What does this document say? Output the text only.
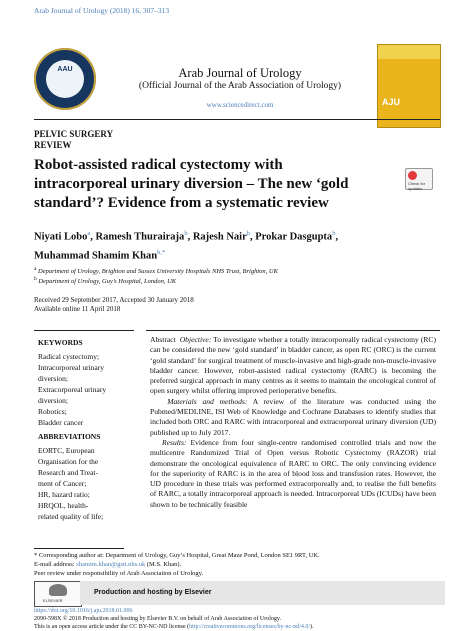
Arab Journal of Urology (2018) 16, 307–313
AAU	Arab Journal of Urology
(Official Journal of the Arab Association of Urology)
www.sciencedirect.com	AJU
PELVIC SURGERY
REVIEW
Robot-assisted radical cystectomy with
intracorporeal urinary diversion – The new ‘gold
standard’? Evidence from a systematic review
Check for updates
Niyati Lobo$^a$, Ramesh Thurairaja$^b$, Rajesh Nair$^b$, Prokar Dasgupta$^b$,
Muhammad Shamim Khan$^{b,*}$
$^a$ Department of Urology, Brighton and Sussex University Hospitals NHS Trust, Brighton, UK
$^b$ Department of Urology, Guy’s Hospital, London, UK
Received 29 September 2017, Accepted 30 January 2018
Available online 11 April 2018
KEYWORDS
Radical cystectomy;
Intracorporeal urinary
diversion;
Extracorporeal urinary
diversion;
Robotics;
Bladder cancer
ABBREVIATIONS
EORTC, European
Organisation for the
Research and Treat-
ment of Cancer;
HR, hazard ratio;
HRQOL, health-
related quality of life;
Abstract Objective: To investigate whether a totally intracorporeally radical cystectomy (RC) can be considered the new ‘gold standard’ in bladder cancer, as open RC (ORC) is the current ‘gold standard’ for surgical treatment of muscle-invasive and high-grade non-muscle-invasive bladder cancer. However, robot-assisted radical cystectomy (RARC) is becoming the preferred surgical approach in many centres as it seems to maintain the oncological control of open surgery whilst offering improved perioperative benefits.
Materials and methods: A review of the literature was conducted using the Pubmed/MEDLINE, ISI Web of Knowledge and Cochrane Databases to identify studies that included both ORC and RARC with intracorporeal and extracorporeal urinary diversion (UD) published up to July 2017.
Results: Evidence from four single-centre randomised controlled trials and now the multicentre Randomized Trial of Open versus Robotic Cystectomy (RAZOR) trial demonstrate the oncological equivalence of RARC to ORC. The only convincing evidence for the superiority of RARC is in the area of blood loss and transfusion rates. However, the UD procedure in these trials was performed extracorporeally and, to realise the full benefits of RARC, a totally intracorporeal approach is needed. Intracorporeal UDs (ICUDs) have been shown to be technically feasible
* Corresponding author at: Department of Urology, Guy’s Hospital, Great Maze Pond, London SE1 9RT, UK.
E-mail address: shamim.khan@gstt.nhs.uk (M.S. Khan).
Peer review under responsibility of Arab Association of Urology.
ELSEVIER
Production and hosting by Elsevier
https://doi.org/10.1016/j.aju.2018.01.006
2090-598X © 2018 Production and hosting by Elsevier B.V. on behalf of Arab Association of Urology.
This is an open access article under the CC BY-NC-ND license (http://creativecommons.org/licenses/by-nc-nd/4.0/).
